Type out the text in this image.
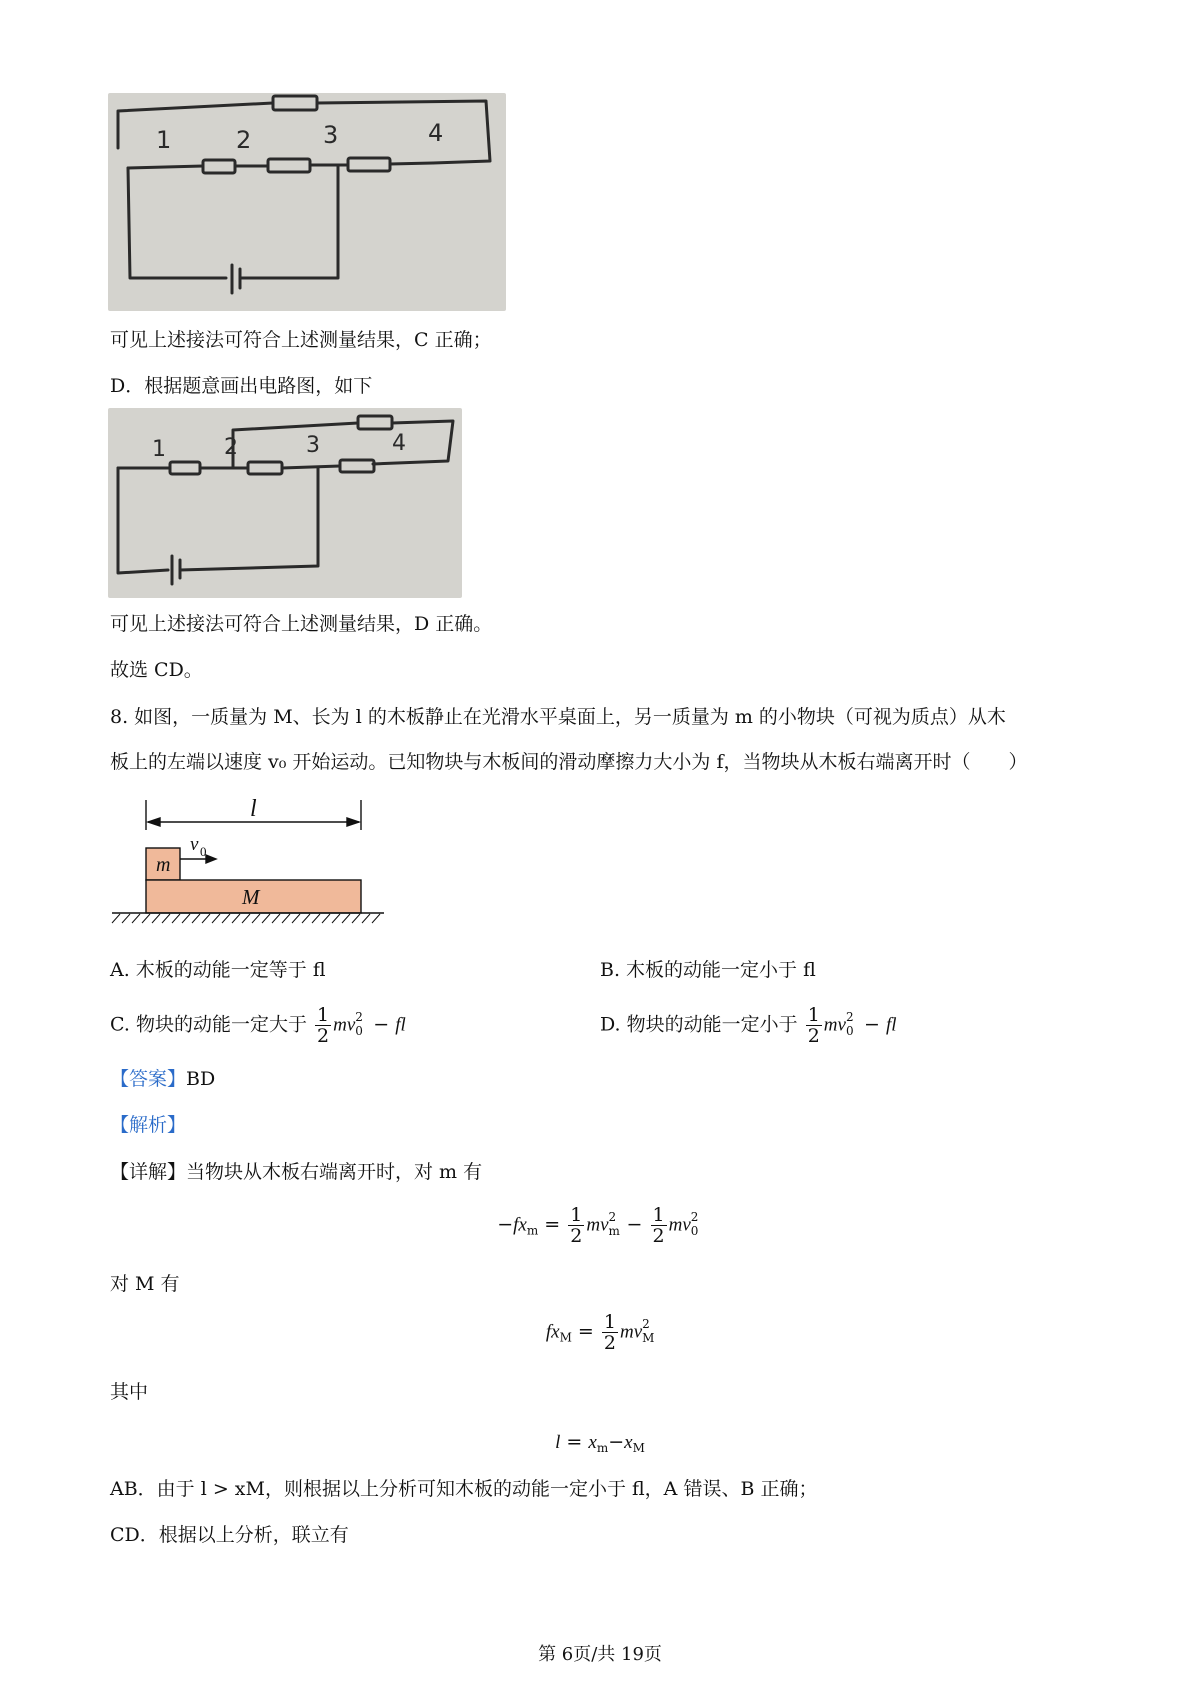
1	2	3	4
可见上述接法可符合上述测量结果，C 正确；
D．根据题意画出电路图，如下
1	2	3	4
可见上述接法可符合上述测量结果，D 正确。
故选 CD。
8. 如图，一质量为 M、长为 l 的木板静止在光滑水平桌面上，另一质量为 m 的小物块（可视为质点）从木
板上的左端以速度 v₀ 开始运动。已知物块与木板间的滑动摩擦力大小为 f，当物块从木板右端离开时（　　）
l
m
v 0
M
A. 木板的动能一定等于 fl	B. 木板的动能一定小于 fl
C. 物块的动能一定大于 $\frac{1}{2}$ mv 2
0 − fl	D. 物块的动能一定小于 $\frac{1}{2}$ mv 2
0 − fl
【答案】BD
【解析】
【详解】当物块从木板右端离开时，对 m 有
$-fx_m = \frac{1}{2}$ mv 2
$m - \frac{1}{2}$ mv 2
0
对 M 有
$fx_M = \frac{1}{2}$ mv 2
M
其中
$l = x_m-x_M$
AB．由于 l > xM，则根据以上分析可知木板的动能一定小于 fl，A 错误、B 正确；
CD．根据以上分析，联立有
第 6页/共 19页
